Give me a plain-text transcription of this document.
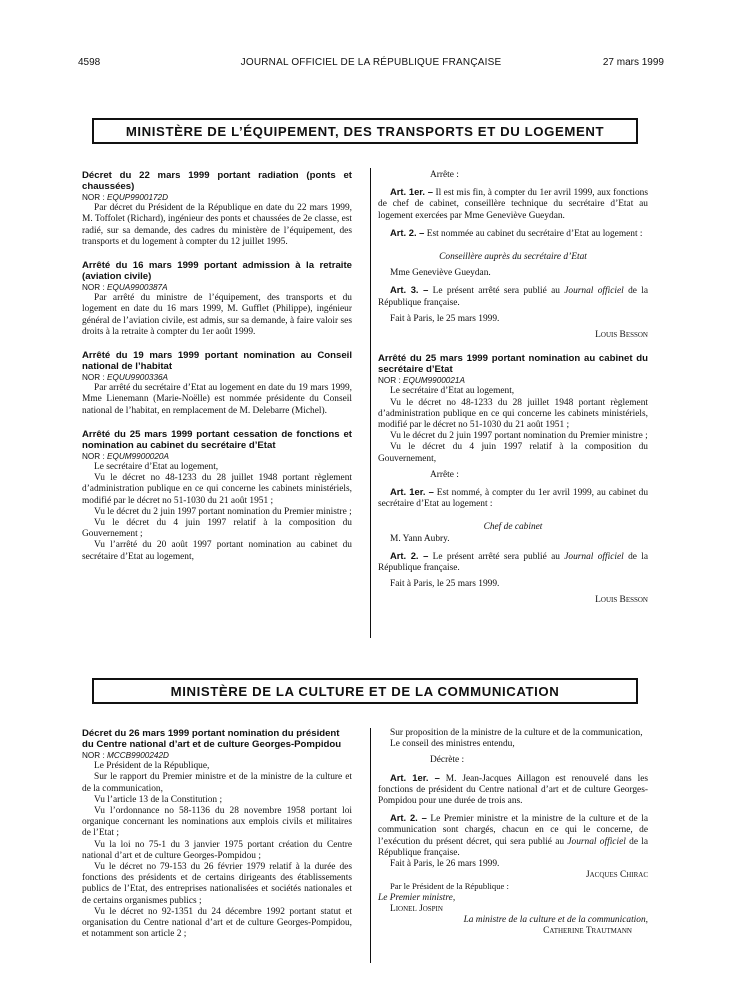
4598	JOURNAL OFFICIEL DE LA RÉPUBLIQUE FRANÇAISE	27 mars 1999
MINISTÈRE DE L’ÉQUIPEMENT, DES TRANSPORTS ET DU LOGEMENT

Décret du 22 mars 1999 portant radiation (ponts et chaussées)

NOR : EQUP9900172D

Par décret du Président de la République en date du 22 mars 1999, M. Toffolet (Richard), ingénieur des ponts et chaussées de 2e classe, est radié, sur sa demande, des cadres du ministère de l’équipement, des transports et du logement à compter du 12 juillet 1995.

Arrêté du 16 mars 1999 portant admission à la retraite (aviation civile)

NOR : EQUA9900387A

Par arrêté du ministre de l’équipement, des transports et du logement en date du 16 mars 1999, M. Gufflet (Philippe), ingénieur général de l’aviation civile, est admis, sur sa demande, à faire valoir ses droits à la retraite à compter du 1er août 1999.

Arrêté du 19 mars 1999 portant nomination au Conseil national de l’habitat

NOR : EQUU9900336A

Par arrêté du secrétaire d’Etat au logement en date du 19 mars 1999, Mme Lienemann (Marie-Noëlle) est nommée présidente du Conseil national de l’habitat, en remplacement de M. Delebarre (Michel).

Arrêté du 25 mars 1999 portant cessation de fonctions et nomination au cabinet du secrétaire d’Etat

NOR : EQUM9900020A

Le secrétaire d’Etat au logement,

Vu le décret no 48-1233 du 28 juillet 1948 portant règlement d’administration publique en ce qui concerne les cabinets ministériels, modifié par le décret no 51-1030 du 21 août 1951 ;

Vu le décret du 2 juin 1997 portant nomination du Premier ministre ;

Vu le décret du 4 juin 1997 relatif à la composition du Gouvernement ;

Vu l’arrêté du 20 août 1997 portant nomination au cabinet du secrétaire d’Etat au logement,

Arrête :

Art. 1er. – Il est mis fin, à compter du 1er avril 1999, aux fonctions de chef de cabinet, conseillère technique du secrétaire d’Etat au logement exercées par Mme Geneviève Gueydan.

Art. 2. – Est nommée au cabinet du secrétaire d’Etat au logement :

Conseillère auprès du secrétaire d’Etat

Mme Geneviève Gueydan.

Art. 3. – Le présent arrêté sera publié au Journal officiel de la République française.

Fait à Paris, le 25 mars 1999.

Louis Besson

Arrêté du 25 mars 1999 portant nomination au cabinet du secrétaire d’Etat

NOR : EQUM9900021A

Le secrétaire d’Etat au logement,

Vu le décret no 48-1233 du 28 juillet 1948 portant règlement d’administration publique en ce qui concerne les cabinets ministériels, modifié par le décret no 51-1030 du 21 août 1951 ;

Vu le décret du 2 juin 1997 portant nomination du Premier ministre ;

Vu le décret du 4 juin 1997 relatif à la composition du Gouvernement,

Arrête :

Art. 1er. – Est nommé, à compter du 1er avril 1999, au cabinet du secrétaire d’Etat au logement :

Chef de cabinet

M. Yann Aubry.

Art. 2. – Le présent arrêté sera publié au Journal officiel de la République française.

Fait à Paris, le 25 mars 1999.

Louis Besson

MINISTÈRE DE LA CULTURE ET DE LA COMMUNICATION

Décret du 26 mars 1999 portant nomination du président du Centre national d’art et de culture Georges-Pompidou

NOR : MCCB9900242D

Le Président de la République,

Sur le rapport du Premier ministre et de la ministre de la culture et de la communication,

Vu l’article 13 de la Constitution ;

Vu l’ordonnance no 58-1136 du 28 novembre 1958 portant loi organique concernant les nominations aux emplois civils et militaires de l’Etat ;

Vu la loi no 75-1 du 3 janvier 1975 portant création du Centre national d’art et de culture Georges-Pompidou ;

Vu le décret no 79-153 du 26 février 1979 relatif à la durée des fonctions des présidents et de certains dirigeants des établissements publics de l’Etat, des entreprises nationalisées et sociétés nationales et de certains organismes publics ;

Vu le décret no 92-1351 du 24 décembre 1992 portant statut et organisation du Centre national d’art et de culture Georges-Pompidou, et notamment son article 2 ;

Sur proposition de la ministre de la culture et de la communication,

Le conseil des ministres entendu,

Décrète :

Art. 1er. – M. Jean-Jacques Aillagon est renouvelé dans les fonctions de président du Centre national d’art et de culture Georges-Pompidou pour une durée de trois ans.

Art. 2. – Le Premier ministre et la ministre de la culture et de la communication sont chargés, chacun en ce qui le concerne, de l’exécution du présent décret, qui sera publié au Journal officiel de la République française.

Fait à Paris, le 26 mars 1999.

Jacques Chirac

Par le Président de la République :

Le Premier ministre,

Lionel Jospin

La ministre de la culture et de la communication,

Catherine Trautmann
